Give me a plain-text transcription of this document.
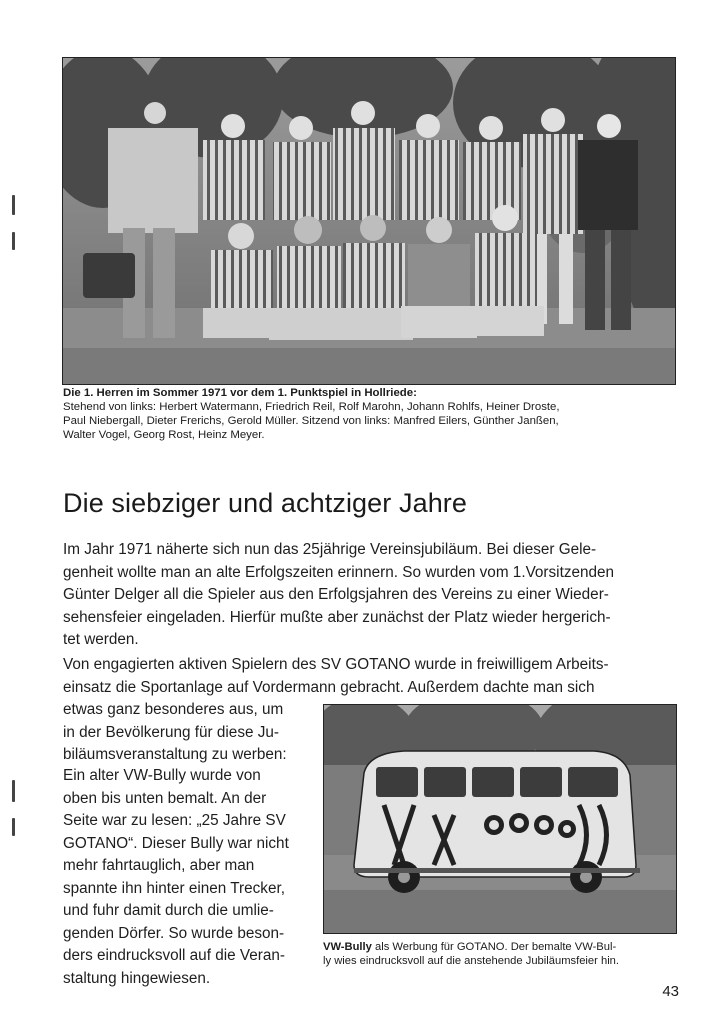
Die 1. Herren im Sommer 1971 vor dem 1. Punktspiel in Hollriede:
Stehend von links: Herbert Watermann, Friedrich Reil, Rolf Marohn, Johann Rohlfs, Heiner Droste,
Paul Niebergall, Dieter Frerichs, Gerold Müller. Sitzend von links: Manfred Eilers, Günther Janßen,
Walter Vogel, Georg Rost, Heinz Meyer.
Die siebziger und achtziger Jahre
Im Jahr 1971 näherte sich nun das 25jährige Vereinsjubiläum. Bei dieser Gele-
genheit wollte man an alte Erfolgszeiten erinnern. So wurden vom 1.Vorsitzenden
Günter Delger all die Spieler aus den Erfolgsjahren des Vereins zu einer Wieder-
sehensfeier eingeladen. Hierfür mußte aber zunächst der Platz wieder hergerich-
tet werden.
Von engagierten aktiven Spielern des SV GOTANO wurde in freiwilligem Arbeits-
einsatz die Sportanlage auf Vordermann gebracht. Außerdem dachte man sich
etwas ganz besonderes aus, um
in der Bevölkerung für diese Ju-
biläumsveranstaltung zu werben:
Ein alter VW-Bully wurde von
oben bis unten bemalt. An der
Seite war zu lesen: „25 Jahre SV
GOTANO“. Dieser Bully war nicht
mehr fahrtauglich, aber man
spannte ihn hinter einen Trecker,
und fuhr damit durch die umlie-
genden Dörfer. So wurde beson-
ders eindrucksvoll auf die Veran-
staltung hingewiesen.
VW-Bully als Werbung für GOTANO. Der bemalte VW-Bul-
ly wies eindrucksvoll auf die anstehende Jubiläumsfeier hin.
43
